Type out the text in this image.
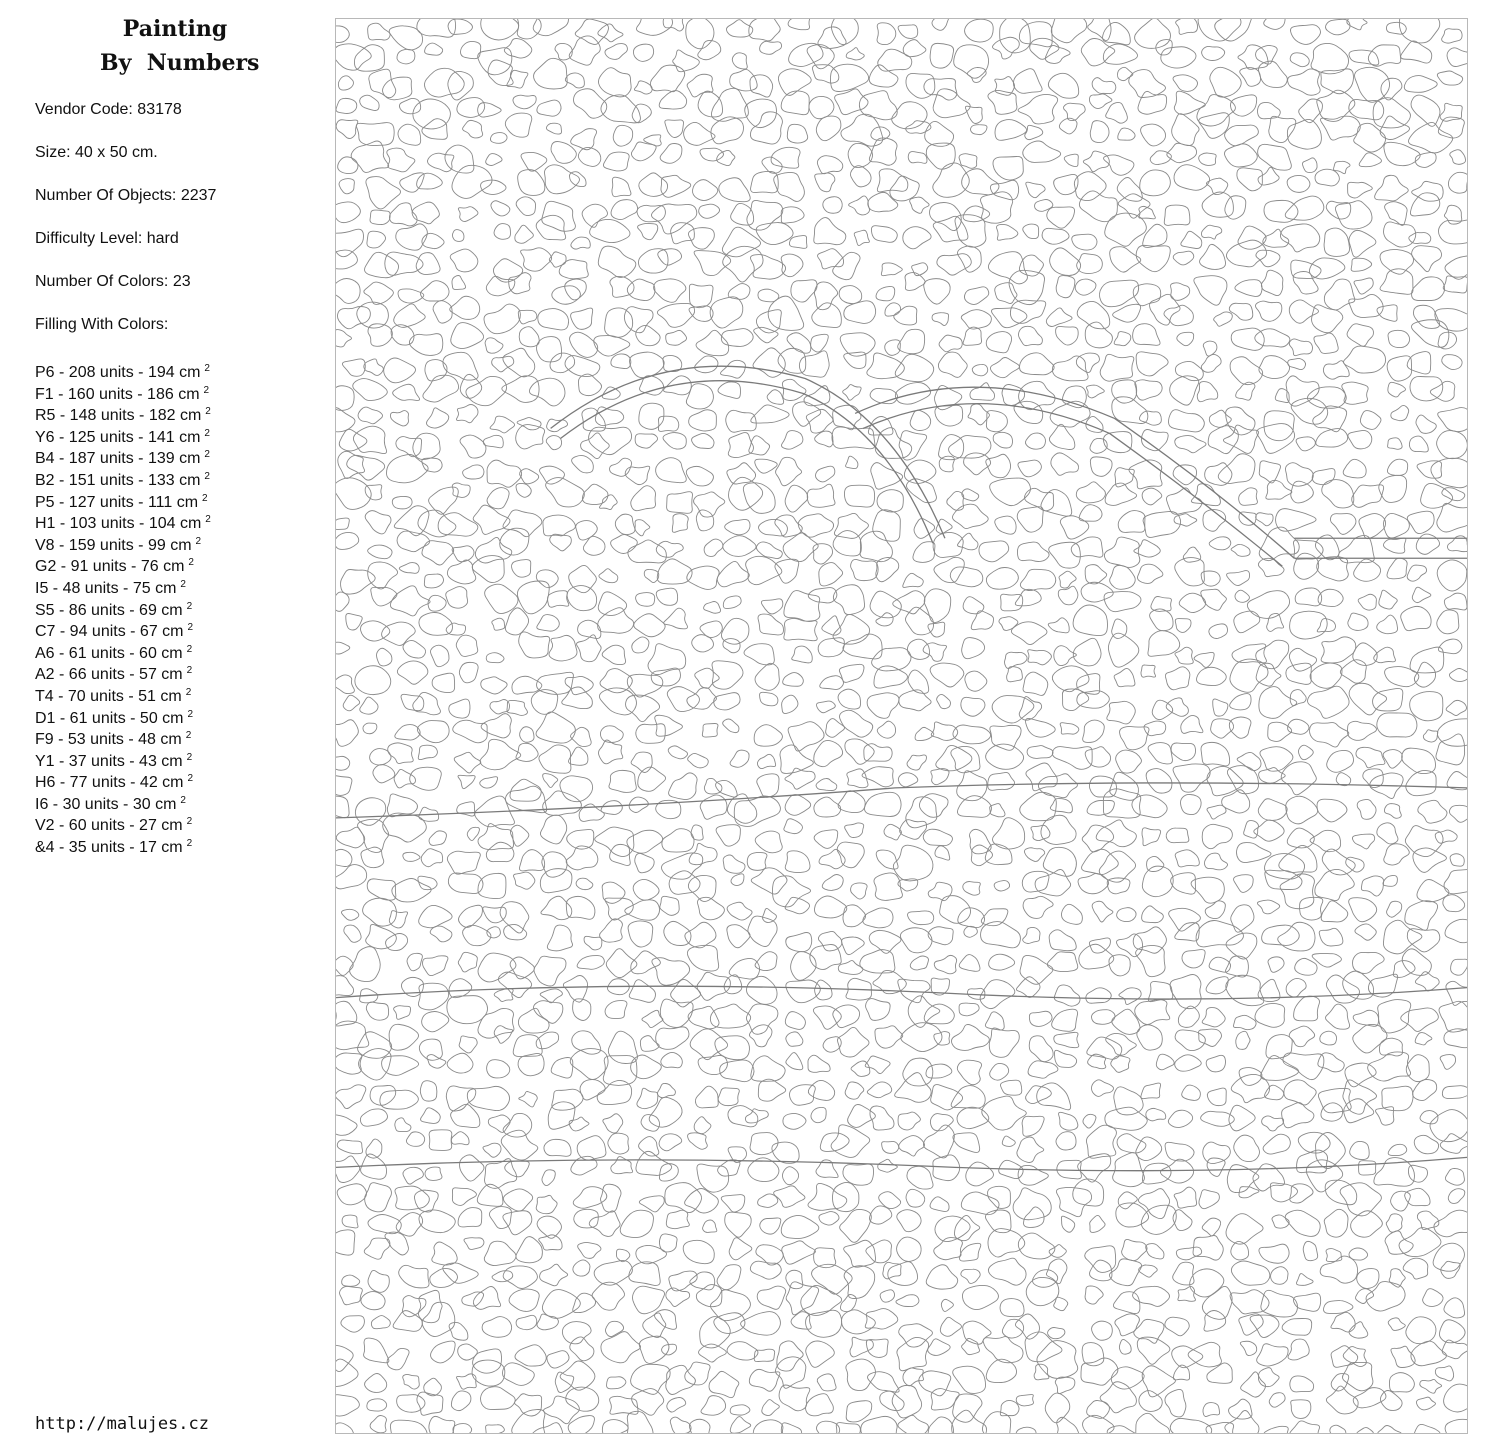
Painting
By  Numbers
Vendor Code: 83178
Size: 40 x 50 cm.
Number Of Objects: 2237
Difficulty Level: hard
Number Of Colors: 23
Filling With Colors:
P6 - 208 units - 194 cm $^2$
F1 - 160 units - 186 cm $^2$
R5 - 148 units - 182 cm $^2$
Y6 - 125 units - 141 cm $^2$
B4 - 187 units - 139 cm $^2$
B2 - 151 units - 133 cm $^2$
P5 - 127 units - 111 cm $^2$
H1 - 103 units - 104 cm $^2$
V8 - 159 units - 99 cm $^2$
G2 - 91 units - 76 cm $^2$
I5 - 48 units - 75 cm $^2$
S5 - 86 units - 69 cm $^2$
C7 - 94 units - 67 cm $^2$
A6 - 61 units - 60 cm $^2$
A2 - 66 units - 57 cm $^2$
T4 - 70 units - 51 cm $^2$
D1 - 61 units - 50 cm $^2$
F9 - 53 units - 48 cm $^2$
Y1 - 37 units - 43 cm $^2$
H6 - 77 units - 42 cm $^2$
I6 - 30 units - 30 cm $^2$
V2 - 60 units - 27 cm $^2$
&4 - 35 units - 17 cm $^2$
http://malujes.cz
